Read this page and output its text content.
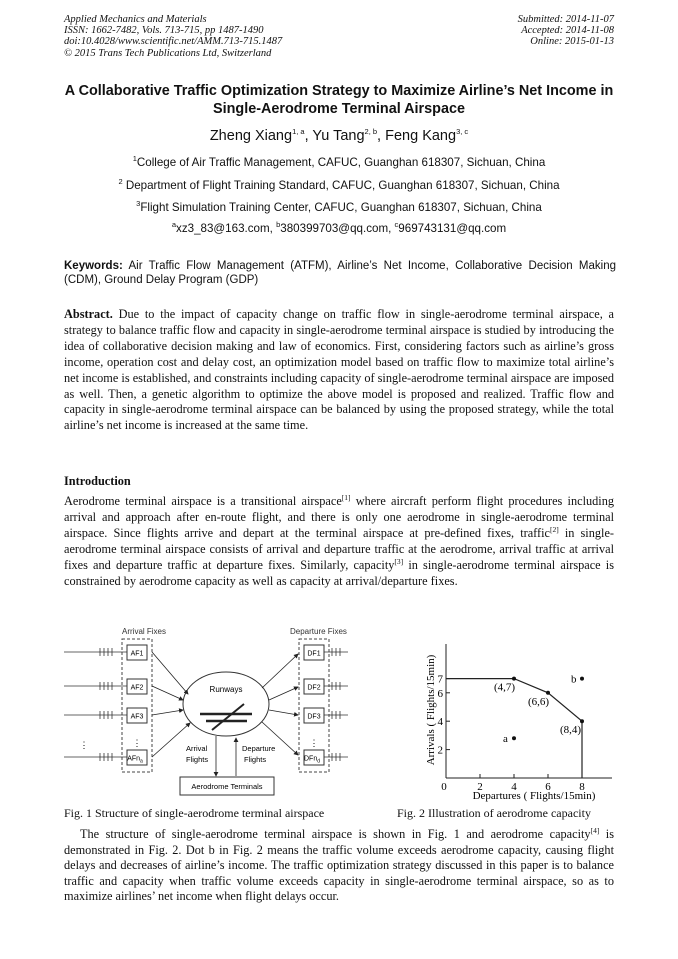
Applied Mechanics and Materials
ISSN: 1662-7482, Vols. 713-715, pp 1487-1490
doi:10.4028/www.scientific.net/AMM.713-715.1487
© 2015 Trans Tech Publications Ltd, Switzerland
Submitted: 2014-11-07
Accepted: 2014-11-08
Online: 2015-01-13
A Collaborative Traffic Optimization Strategy to Maximize Airline’s Net Income in Single-Aerodrome Terminal Airspace
Zheng Xiang$^{1, a}$, Yu Tang$^{2, b}$, Feng Kang$^{3, c}$
$^1$College of Air Traffic Management, CAFUC, Guanghan 618307, Sichuan, China
$^2$ Department of Flight Training Standard, CAFUC, Guanghan 618307, Sichuan, China
$^3$Flight Simulation Training Center, CAFUC, Guanghan 618307, Sichuan, China
$^a$xz3_83@163.com, $^b$380399703@qq.com, $^c$969743131@qq.com
Keywords: Air Traffic Flow Management (ATFM), Airline’s Net Income, Collaborative Decision Making (CDM), Ground Delay Program (GDP)
Abstract. Due to the impact of capacity change on traffic flow in single-aerodrome terminal airspace, a strategy to balance traffic flow and capacity in single-aerodrome terminal airspace is studied by introducing the idea of collaborative decision making and law of economics. First, considering factors such as airline’s gross income, operation cost and delay cost, an optimization model based on traffic flow to maximize total airline’s net income is established, and constraints including capacity of single-aerodrome terminal airspace are imposed as well. Then, a genetic algorithm to optimize the above model is proposed and realized. Traffic flow and capacity in single-aerodrome terminal airspace can be balanced by using the proposed strategy, while the total airline’s net income is increased at the same time.
Introduction
Aerodrome terminal airspace is a transitional airspace[1] where aircraft perform flight procedures including arrival and approach after en-route flight, and there is only one aerodrome in single-aerodrome terminal airspace. Since flights arrive and depart at the terminal airspace at pre-defined fixes, traffic[2] in single-aerodrome terminal airspace consists of arrival and departure traffic at the aerodrome, arrival traffic at arrival fixes and departure traffic at departure fixes. Similarly, capacity[3] in single-aerodrome terminal airspace is constrained by aerodrome capacity as well as capacity at arrival/departure fixes.
Arrival Fixes	Departure Fixes
AF1
AF2
AF3
⋮
AFn$_a$
DF1
DF2
DF3
⋮
DFn$_d$
⋮
Runways
Arrival
Flights
Departure
Flights
Aerodrome Terminals
2
4
6
7
0	2	4	6	8
(4,7)
(6,6)
(8,4)
a
b
Arrivals ( Flights/15min)
Departures ( Flights/15min)
Fig. 1 Structure of single-aerodrome terminal airspace	Fig. 2 Illustration of aerodrome capacity
The structure of single-aerodrome terminal airspace is shown in Fig. 1 and aerodrome capacity[4] is demonstrated in Fig. 2. Dot b in Fig. 2 means the traffic volume exceeds aerodrome capacity, causing flight delays and decreases of airline’s income. The traffic optimization strategy discussed in this paper is to balance traffic and capacity when traffic volume exceeds capacity in single-aerodrome terminal airspace, so as to maximize airlines’ net income when flight delays occur.
